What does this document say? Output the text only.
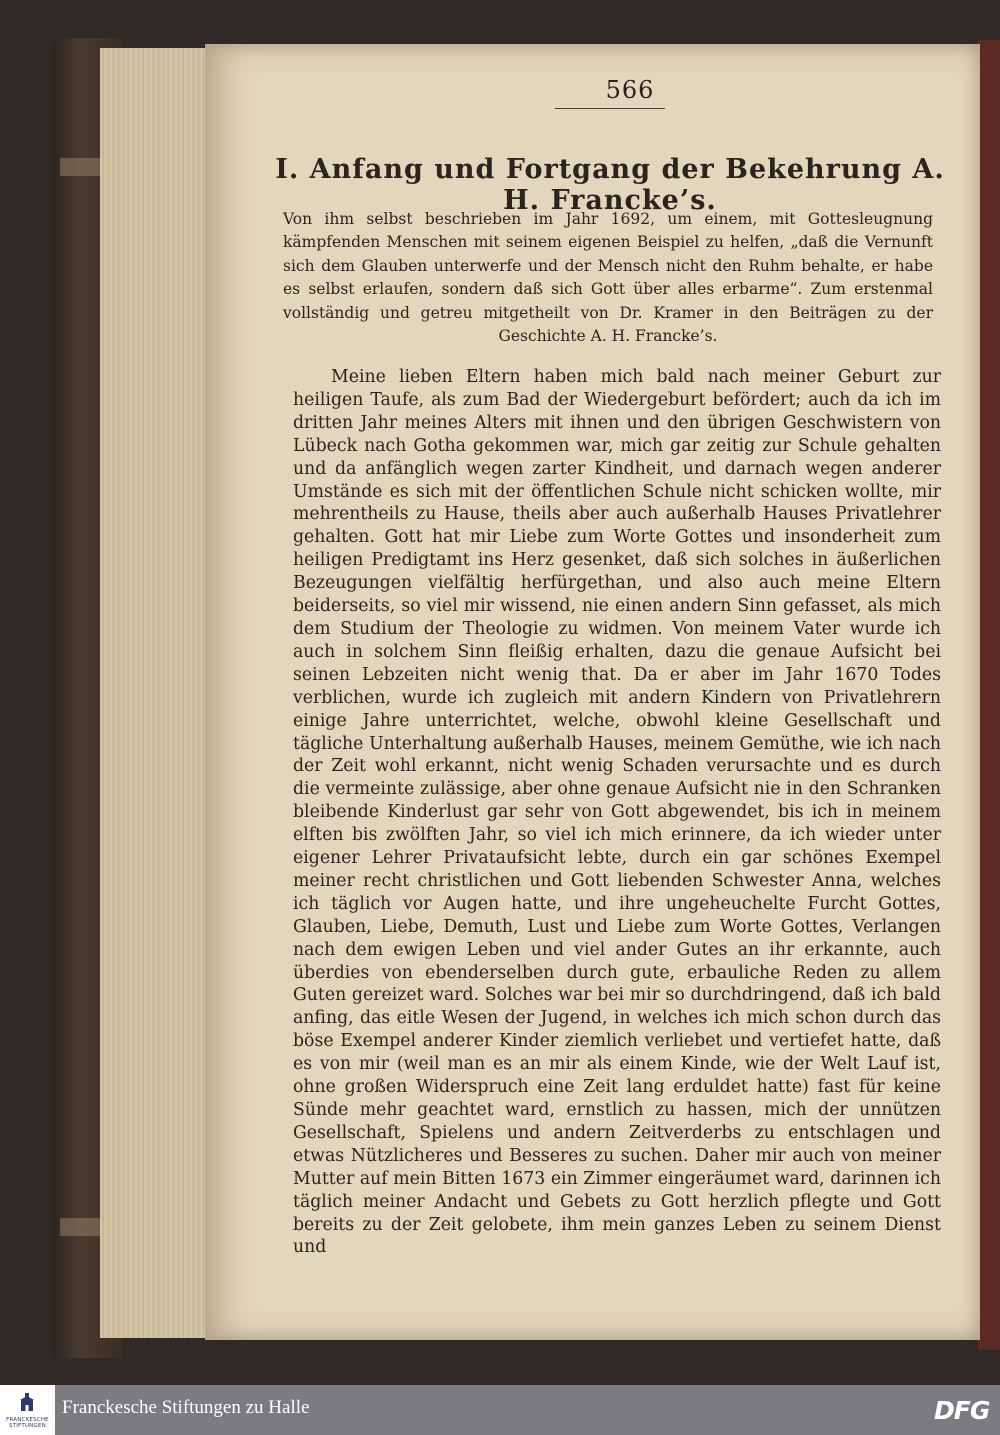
566
I. Anfang und Fortgang der Bekehrung A. H. Francke’s.
Von ihm selbst beschrieben im Jahr 1692, um einem, mit Gottesleugnung kämpfenden Menschen mit seinem eigenen Beispiel zu helfen, „daß die Vernunft sich dem Glauben unterwerfe und der Mensch nicht den Ruhm behalte, er habe es selbst erlaufen, sondern daß sich Gott über alles erbarme“. Zum erstenmal vollständig und getreu mitgetheilt von Dr. Kramer in den Beiträgen zu der Geschichte A. H. Francke’s.

Meine lieben Eltern haben mich bald nach meiner Geburt zur heiligen Taufe, als zum Bad der Wiedergeburt befördert; auch da ich im dritten Jahr meines Alters mit ihnen und den übrigen Geschwistern von Lübeck nach Gotha gekommen war, mich gar zeitig zur Schule gehalten und da anfänglich wegen zarter Kindheit, und darnach wegen anderer Umstände es sich mit der öffentlichen Schule nicht schicken wollte, mir mehrentheils zu Hause, theils aber auch außerhalb Hauses Privatlehrer gehalten. Gott hat mir Liebe zum Worte Gottes und insonderheit zum heiligen Predigtamt ins Herz gesenket, daß sich solches in äußerlichen Bezeugungen vielfältig herfürgethan, und also auch meine Eltern beiderseits, so viel mir wissend, nie einen andern Sinn gefasset, als mich dem Studium der Theologie zu widmen. Von meinem Vater wurde ich auch in solchem Sinn fleißig erhalten, dazu die genaue Aufsicht bei seinen Lebzeiten nicht wenig that. Da er aber im Jahr 1670 Todes verblichen, wurde ich zugleich mit andern Kindern von Privatlehrern einige Jahre unterrichtet, welche, obwohl kleine Gesellschaft und tägliche Unterhaltung außerhalb Hauses, meinem Gemüthe, wie ich nach der Zeit wohl erkannt, nicht wenig Schaden verursachte und es durch die vermeinte zulässige, aber ohne genaue Aufsicht nie in den Schranken bleibende Kinderlust gar sehr von Gott abgewendet, bis ich in meinem elften bis zwölften Jahr, so viel ich mich erinnere, da ich wieder unter eigener Lehrer Privataufsicht lebte, durch ein gar schönes Exempel meiner recht christlichen und Gott liebenden Schwester Anna, welches ich täglich vor Augen hatte, und ihre ungeheuchelte Furcht Gottes, Glauben, Liebe, Demuth, Lust und Liebe zum Worte Gottes, Verlangen nach dem ewigen Leben und viel ander Gutes an ihr erkannte, auch überdies von ebenderselben durch gute, erbauliche Reden zu allem Guten gereizet ward. Solches war bei mir so durchdringend, daß ich bald anfing, das eitle Wesen der Jugend, in welches ich mich schon durch das böse Exempel anderer Kinder ziemlich verliebet und vertiefet hatte, daß es von mir (weil man es an mir als einem Kinde, wie der Welt Lauf ist, ohne großen Widerspruch eine Zeit lang erduldet hatte) fast für keine Sünde mehr geachtet ward, ernstlich zu hassen, mich der unnützen Gesellschaft, Spielens und andern Zeitverderbs zu entschlagen und etwas Nützlicheres und Besseres zu suchen. Daher mir auch von meiner Mutter auf mein Bitten 1673 ein Zimmer eingeräumet ward, darinnen ich täglich meiner Andacht und Gebets zu Gott herzlich pflegte und Gott bereits zu der Zeit gelobete, ihm mein ganzes Leben zu seinem Dienst und

FRANCKESCHE STIFTUNGEN
Franckesche Stiftungen zu Halle	DFG
